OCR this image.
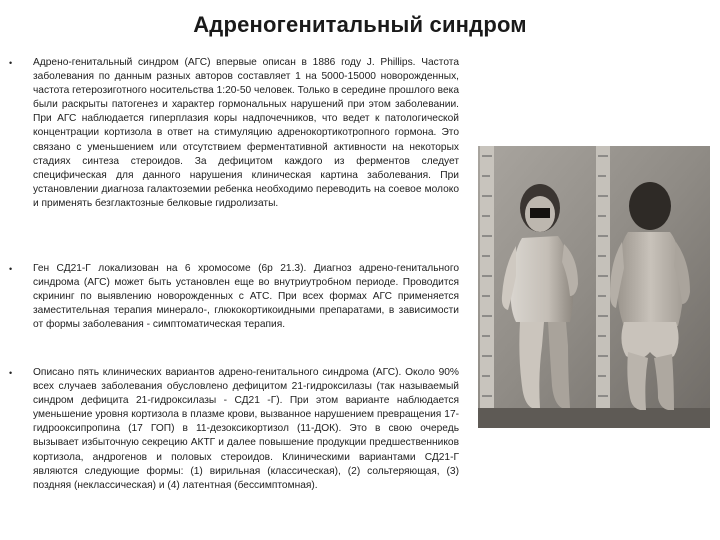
Адреногенитальный синдром
• Адрено-генитальный синдром (АГС) впервые описан в 1886 году J. Phillips. Частота заболевания по данным разных авторов составляет 1 на 5000-15000 новорожденных, частота гетерозиготного носительства 1:20-50 человек. Только в середине прошлого века были раскрыты патогенез и характер гормональных нарушений при этом заболевании. При АГС наблюдается гиперплазия коры надпочечников, что ведет к патологической концентрации кортизола в ответ на стимуляцию адренокортикотропного гормона. Это связано с уменьшением или отсутствием ферментативной активности на некоторых стадиях синтеза стероидов. За дефицитом каждого из ферментов следует специфическая для данного нарушения клиническая картина заболевания. При установлении диагноза галактоземии ребенка необходимо переводить на соевое молоко и применять безглактозные белковые гидролизаты.

• Ген СД21-Г локализован на 6 хромосоме (6р 21.3). Диагноз адрено-генитального синдрома (АГС) может быть установлен еще во внутриутробном периоде. Проводится скрининг по выявлению новорожденных с АТС. При всех формах АГС применяется заместительная терапия минерало-, глюкокортикоидными препаратами, в зависимости от формы заболевания - симптоматическая терапия.

• Описано пять клинических вариантов адрено-генитального синдрома (АГС). Около 90% всех случаев заболевания обусловлено дефицитом 21-гидроксилазы (так называемый синдром дефицита 21-гидроксилазы - СД21 -Г). При этом варианте наблюдается уменьшение уровня кортизола в плазме крови, вызванное нарушением превращения 17-гидрооксипропина (17 ГОП) в 11-дезоксикортизол (11-ДОК). Это в свою очередь вызывает избыточную секрецию АКТГ и далее повышение продукции предшественников кортизола, андрогенов и половых стероидов. Клиническими вариантами СД21-Г являются следующие формы: (1) вирильная (классическая), (2) сольтеряющая, (3) поздняя (неклассическая) и (4) латентная (бессимптомная).
